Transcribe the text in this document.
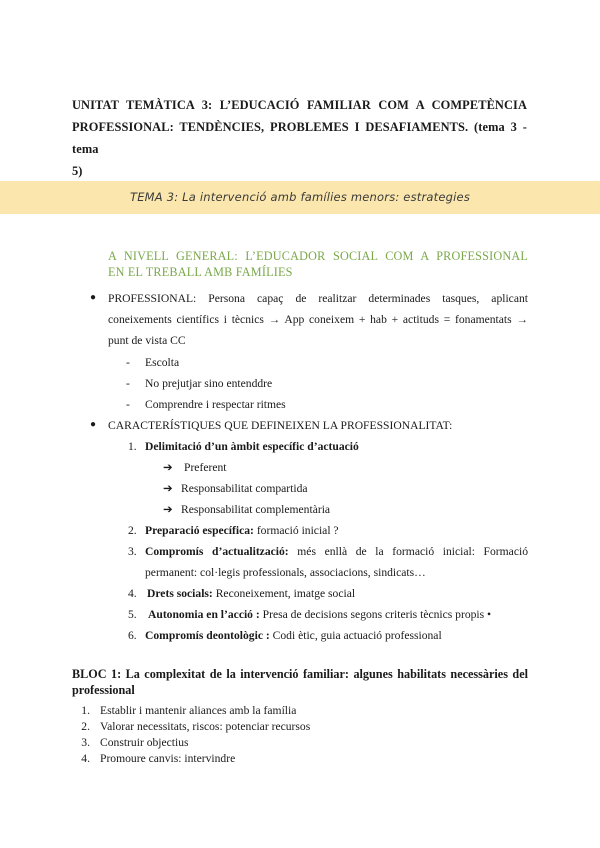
UNITAT TEMÀTICA 3: L’EDUCACIÓ FAMILIAR COM A COMPETÈNCIA
PROFESSIONAL: TENDÈNCIES, PROBLEMES I DESAFIAMENTS. (tema 3 - tema
5)
TEMA 3: La intervenció amb famílies menors: estrategies
A NIVELL GENERAL: L’EDUCADOR SOCIAL COM A PROFESSIONAL
EN EL TREBALL AMB FAMÍLIES
● PROFESSIONAL: Persona capaç de realitzar determinades tasques, aplicant
coneixements científics i tècnics → App coneixem + hab + actituds = fonamentats →
punt de vista CC
- Escolta
- No prejutjar sino entenddre
- Comprendre i respectar ritmes
● CARACTERÍSTIQUES QUE DEFINEIXEN LA PROFESSIONALITAT:
1. Delimitació d’un àmbit específic d’actuació
➔ Preferent
➔ Responsabilitat compartida
➔ Responsabilitat complementària
2. Preparació específica: formació inicial ?
3. Compromís d’actualització: més enllà de la formació inicial: Formació
permanent: col·legis professionals, associacions, sindicats…
4. Drets socials: Reconeixement, imatge social
5. Autonomia en l’acció : Presa de decisions segons criteris tècnics propis •
6. Compromís deontològic : Codi ètic, guia actuació professional
BLOC 1: La complexitat de la intervenció familiar: algunes habilitats necessàries del
professional
1. Establir i mantenir aliances amb la família
2. Valorar necessitats, riscos: potenciar recursos
3. Construir objectius
4. Promoure canvis: intervindre
